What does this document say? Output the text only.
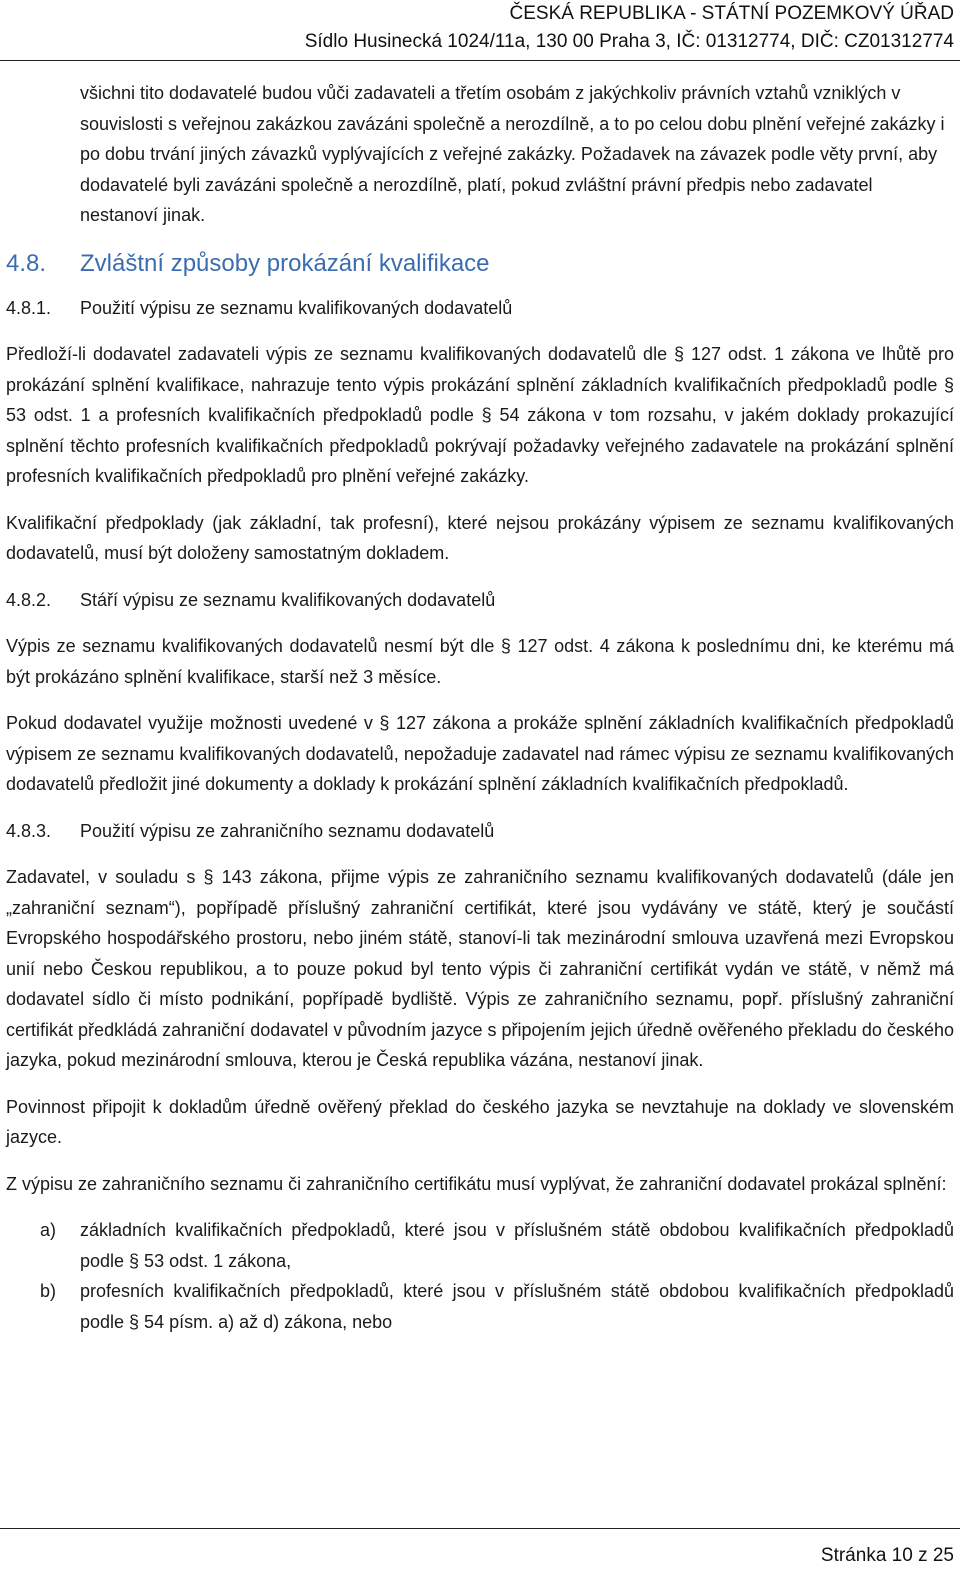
ČESKÁ REPUBLIKA - STÁTNÍ POZEMKOVÝ ÚŘAD
Sídlo Husinecká 1024/11a, 130 00 Praha 3, IČ: 01312774, DIČ: CZ01312774

všichni tito dodavatelé budou vůči zadavateli a třetím osobám z jakýchkoliv právních vztahů vzniklých v souvislosti s veřejnou zakázkou zavázáni společně a nerozdílně, a to po celou dobu plnění veřejné zakázky i po dobu trvání jiných závazků vyplývajících z veřejné zakázky. Požadavek na závazek podle věty první, aby dodavatelé byli zavázáni společně a nerozdílně, platí, pokud zvláštní právní předpis nebo zadavatel nestanoví jinak.

4.8.	Zvláštní způsoby prokázání kvalifikace
4.8.1.	Použití výpisu ze seznamu kvalifikovaných dodavatelů

Předloží-li dodavatel zadavateli výpis ze seznamu kvalifikovaných dodavatelů dle § 127 odst. 1 zákona ve lhůtě pro prokázání splnění kvalifikace, nahrazuje tento výpis prokázání splnění základních kvalifikačních předpokladů podle § 53 odst. 1 a profesních kvalifikačních předpokladů podle § 54 zákona v tom rozsahu, v jakém doklady prokazující splnění těchto profesních kvalifikačních předpokladů pokrývají požadavky veřejného zadavatele na prokázání splnění profesních kvalifikačních předpokladů pro plnění veřejné zakázky.

Kvalifikační předpoklady (jak základní, tak profesní), které nejsou prokázány výpisem ze seznamu kvalifikovaných dodavatelů, musí být doloženy samostatným dokladem.

4.8.2.	Stáří výpisu ze seznamu kvalifikovaných dodavatelů

Výpis ze seznamu kvalifikovaných dodavatelů nesmí být dle § 127 odst. 4 zákona k poslednímu dni, ke kterému má být prokázáno splnění kvalifikace, starší než 3 měsíce.

Pokud dodavatel využije možnosti uvedené v § 127 zákona a prokáže splnění základních kvalifikačních předpokladů výpisem ze seznamu kvalifikovaných dodavatelů, nepožaduje zadavatel nad rámec výpisu ze seznamu kvalifikovaných dodavatelů předložit jiné dokumenty a doklady k prokázání splnění základních kvalifikačních předpokladů.

4.8.3.	Použití výpisu ze zahraničního seznamu dodavatelů

Zadavatel, v souladu s § 143 zákona, přijme výpis ze zahraničního seznamu kvalifikovaných dodavatelů (dále jen „zahraniční seznam“), popřípadě příslušný zahraniční certifikát, které jsou vydávány ve státě, který je součástí Evropského hospodářského prostoru, nebo jiném státě, stanoví-li tak mezinárodní smlouva uzavřená mezi Evropskou unií nebo Českou republikou, a to pouze pokud byl tento výpis či zahraniční certifikát vydán ve státě, v němž má dodavatel sídlo či místo podnikání, popřípadě bydliště. Výpis ze zahraničního seznamu, popř. příslušný zahraniční certifikát předkládá zahraniční dodavatel v původním jazyce s připojením jejich úředně ověřeného překladu do českého jazyka, pokud mezinárodní smlouva, kterou je Česká republika vázána, nestanoví jinak.

Povinnost připojit k dokladům úředně ověřený překlad do českého jazyka se nevztahuje na doklady ve slovenském jazyce.

Z výpisu ze zahraničního seznamu či zahraničního certifikátu musí vyplývat, že zahraniční dodavatel prokázal splnění:

a)	základních kvalifikačních předpokladů, které jsou v příslušném státě obdobou kvalifikačních předpokladů podle § 53 odst. 1 zákona,
b)	profesních kvalifikačních předpokladů, které jsou v příslušném státě obdobou kvalifikačních předpokladů podle § 54 písm. a) až d) zákona, nebo
Stránka 10 z 25
